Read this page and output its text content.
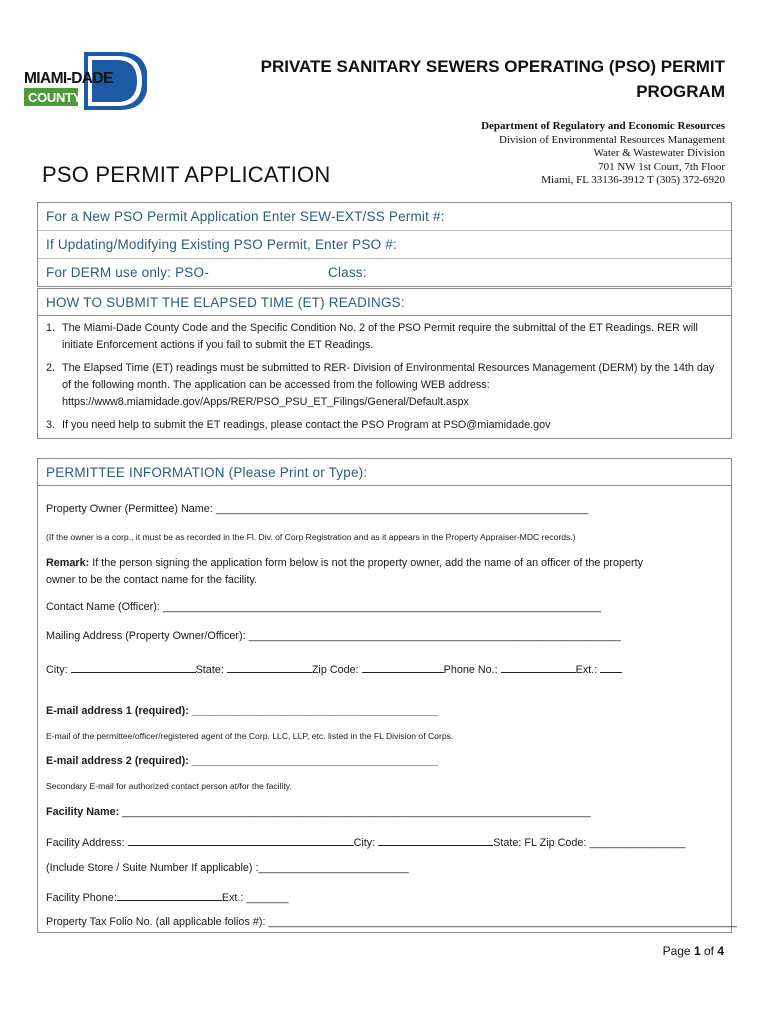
MIAMI-DADE
COUNTY
PRIVATE SANITARY SEWERS OPERATING (PSO) PERMIT
PROGRAM
Department of Regulatory and Economic Resources
Division of Environmental Resources Management
Water & Wastewater Division
701 NW 1st Court, 7th Floor
Miami, FL 33136-3912 T (305) 372-6920
PSO PERMIT APPLICATION
For a New PSO Permit Application Enter SEW-EXT/SS Permit #:
If Updating/Modifying Existing PSO Permit, Enter PSO #:
For DERM use only: PSO-	Class:
HOW TO SUBMIT THE ELAPSED TIME (ET) READINGS:
1. The Miami-Dade County Code and the Specific Condition No. 2 of the PSO Permit require the submittal of the ET Readings. RER will initiate Enforcement actions if you fail to submit the ET Readings.
2. The Elapsed Time (ET) readings must be submitted to RER- Division of Environmental Resources Management (DERM) by the 14th day of the following month. The application can be accessed from the following WEB address: https://www8.miamidade.gov/Apps/RER/PSO_PSU_ET_Filings/General/Default.aspx
3. If you need help to submit the ET readings, please contact the PSO Program at PSO@miamidade.gov
PERMITTEE INFORMATION (Please Print or Type):
Property Owner (Permittee) Name: ______________________________________________________________
(If the owner is a corp., it must be as recorded in the Fl. Div. of Corp Registration and as it appears in the Property Appraiser-MDC records.)
Remark: If the person signing the application form below is not the property owner, add the name of an officer of the property
owner to be the contact name for the facility.
Contact Name (Officer): _________________________________________________________________________
Mailing Address (Property Owner/Officer): ______________________________________________________________
City:	State:	Zip Code:	Phone No.:	Ext.:
E-mail address 1 (required): _________________________________________
E-mail of the permittee/officer/registered agent of the Corp. LLC, LLP, etc. listed in the FL Division of Corps.
E-mail address 2 (required): _________________________________________
Secondary E-mail for authorized contact person at/for the facility.
Facility Name: ______________________________________________________________________________
Facility Address:	City:	State: FL Zip Code: ________________
(Include Store / Suite Number If applicable) :_________________________
Facility Phone:	Ext.: _______
Property Tax Folio No. (all applicable folios #): ______________________________________________________________________________
Page 1 of 4
